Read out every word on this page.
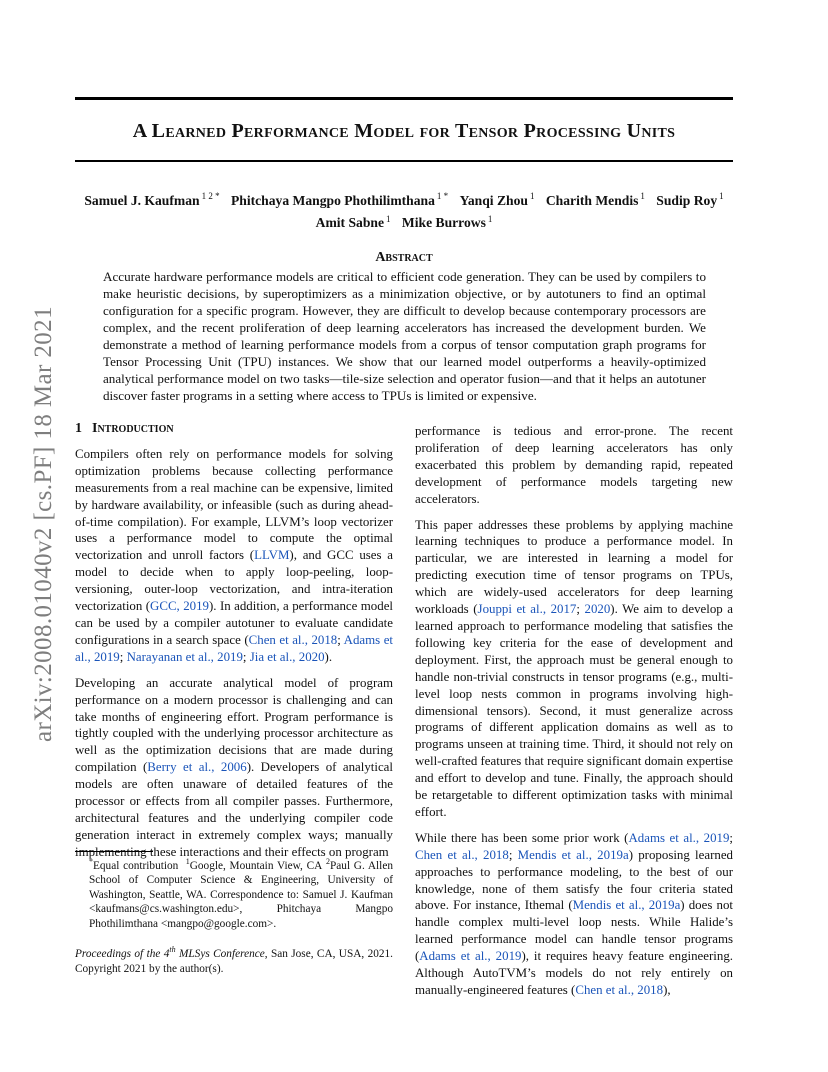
A Learned Performance Model for Tensor Processing Units
Samuel J. Kaufman $^{1 2 *}$ Phitchaya Mangpo Phothilimthana $^{1 *}$ Yanqi Zhou $^1$ Charith Mendis $^1$ Sudip Roy $^1$
Amit Sabne $^1$ Mike Burrows $^1$
Abstract

Accurate hardware performance models are critical to efficient code generation. They can be used by compilers to make heuristic decisions, by superoptimizers as a minimization objective, or by autotuners to find an optimal configuration for a specific program. However, they are difficult to develop because contemporary processors are complex, and the recent proliferation of deep learning accelerators has increased the development burden. We demonstrate a method of learning performance models from a corpus of tensor computation graph programs for Tensor Processing Unit (TPU) instances. We show that our learned model outperforms a heavily-optimized analytical performance model on two tasks—tile-size selection and operator fusion—and that it helps an autotuner discover faster programs in a setting where access to TPUs is limited or expensive.

arXiv:2008.01040v2 [cs.PF] 18 Mar 2021 1 Introduction

Compilers often rely on performance models for solving optimization problems because collecting performance measurements from a real machine can be expensive, limited by hardware availability, or infeasible (such as during ahead-of-time compilation). For example, LLVM’s loop vectorizer uses a performance model to compute the optimal vectorization and unroll factors (LLVM), and GCC uses a model to decide when to apply loop-peeling, loop-versioning, outer-loop vectorization, and intra-iteration vectorization (GCC, 2019). In addition, a performance model can be used by a compiler autotuner to evaluate candidate configurations in a search space (Chen et al., 2018; Adams et al., 2019; Narayanan et al., 2019; Jia et al., 2020).

Developing an accurate analytical model of program performance on a modern processor is challenging and can take months of engineering effort. Program performance is tightly coupled with the underlying processor architecture as well as the optimization decisions that are made during compilation (Berry et al., 2006). Developers of analytical models are often unaware of detailed features of the processor or effects from all compiler passes. Furthermore, architectural features and the underlying compiler code generation interact in extremely complex ways; manually implementing these interactions and their effects on program

*Equal contribution $^1$Google, Mountain View, CA $^2$Paul G. Allen School of Computer Science & Engineering, University of Washington, Seattle, WA. Correspondence to: Samuel J. Kaufman <kaufmans@cs.washington.edu>, Phitchaya Mangpo Phothilimthana <mangpo@google.com>.

Proceedings of the 4th MLSys Conference, San Jose, CA, USA, 2021. Copyright 2021 by the author(s).

performance is tedious and error-prone. The recent proliferation of deep learning accelerators has only exacerbated this problem by demanding rapid, repeated development of performance models targeting new accelerators.

This paper addresses these problems by applying machine learning techniques to produce a performance model. In particular, we are interested in learning a model for predicting execution time of tensor programs on TPUs, which are widely-used accelerators for deep learning workloads (Jouppi et al., 2017; 2020). We aim to develop a learned approach to performance modeling that satisfies the following key criteria for the ease of development and deployment. First, the approach must be general enough to handle non-trivial constructs in tensor programs (e.g., multi-level loop nests common in programs involving high-dimensional tensors). Second, it must generalize across programs of different application domains as well as to programs unseen at training time. Third, it should not rely on well-crafted features that require significant domain expertise and effort to develop and tune. Finally, the approach should be retargetable to different optimization tasks with minimal effort.

While there has been some prior work (Adams et al., 2019; Chen et al., 2018; Mendis et al., 2019a) proposing learned approaches to performance modeling, to the best of our knowledge, none of them satisfy the four criteria stated above. For instance, Ithemal (Mendis et al., 2019a) does not handle complex multi-level loop nests. While Halide’s learned performance model can handle tensor programs (Adams et al., 2019), it requires heavy feature engineering. Although AutoTVM’s models do not rely entirely on manually-engineered features (Chen et al., 2018),
